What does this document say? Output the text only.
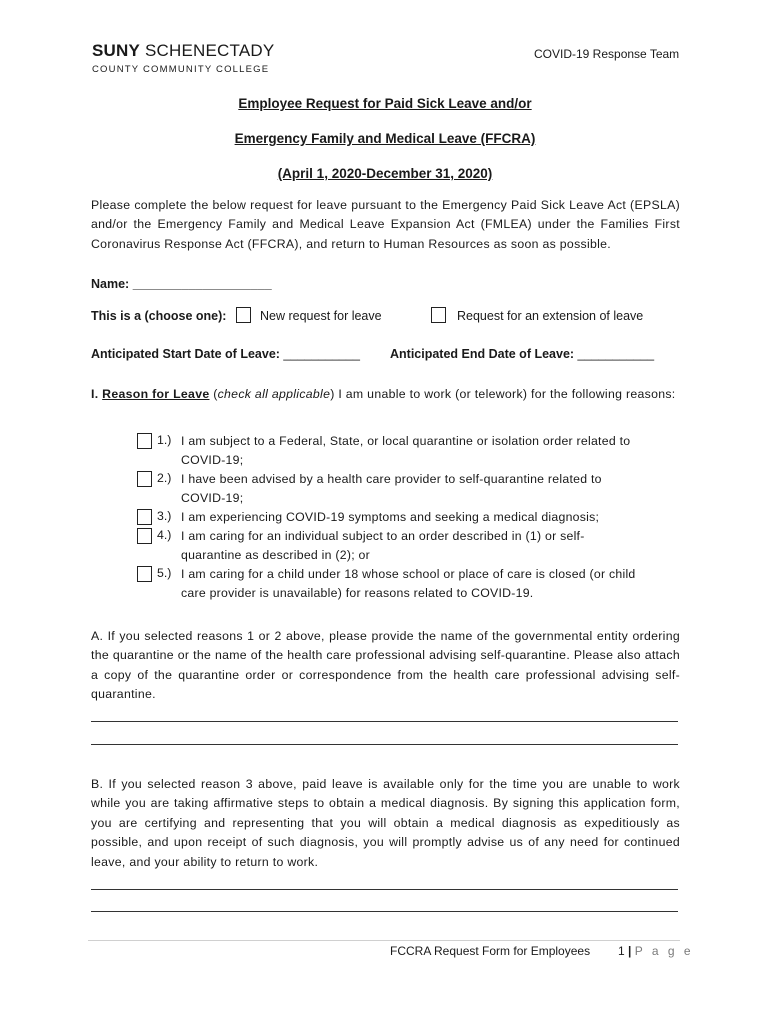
SUNY SCHENECTADY
COUNTY COMMUNITY COLLEGE
COVID-19 Response Team
Employee Request for Paid Sick Leave and/or
Emergency Family and Medical Leave (FFCRA)
(April 1, 2020-December 31, 2020)
Please complete the below request for leave pursuant to the Emergency Paid Sick Leave Act (EPSLA) and/or the Emergency Family and Medical Leave Expansion Act (FMLEA) under the Families First Coronavirus Response Act (FFCRA), and return to Human Resources as soon as possible.
Name: ____________________
This is a (choose one):	New request for leave	Request for an extension of leave
Anticipated Start Date of Leave: ___________ Anticipated End Date of Leave: ___________
I. Reason for Leave (check all applicable) I am unable to work (or telework) for the following reasons:
1.) I am subject to a Federal, State, or local quarantine or isolation order related to COVID-19;
2.) I have been advised by a health care provider to self-quarantine related to COVID-19;
3.) I am experiencing COVID-19 symptoms and seeking a medical diagnosis;
4.) I am caring for an individual subject to an order described in (1) or self-quarantine as described in (2); or
5.) I am caring for a child under 18 whose school or place of care is closed (or child care provider is unavailable) for reasons related to COVID-19.
A. If you selected reasons 1 or 2 above, please provide the name of the governmental entity ordering the quarantine or the name of the health care professional advising self-quarantine. Please also attach a copy of the quarantine order or correspondence from the health care professional advising self-quarantine.
B. If you selected reason 3 above, paid leave is available only for the time you are unable to work while you are taking affirmative steps to obtain a medical diagnosis. By signing this application form, you are certifying and representing that you will obtain a medical diagnosis as expeditiously as possible, and upon receipt of such diagnosis, you will promptly advise us of any need for continued leave, and your ability to return to work.
FCCRA Request Form for Employees 1 | P a g e
